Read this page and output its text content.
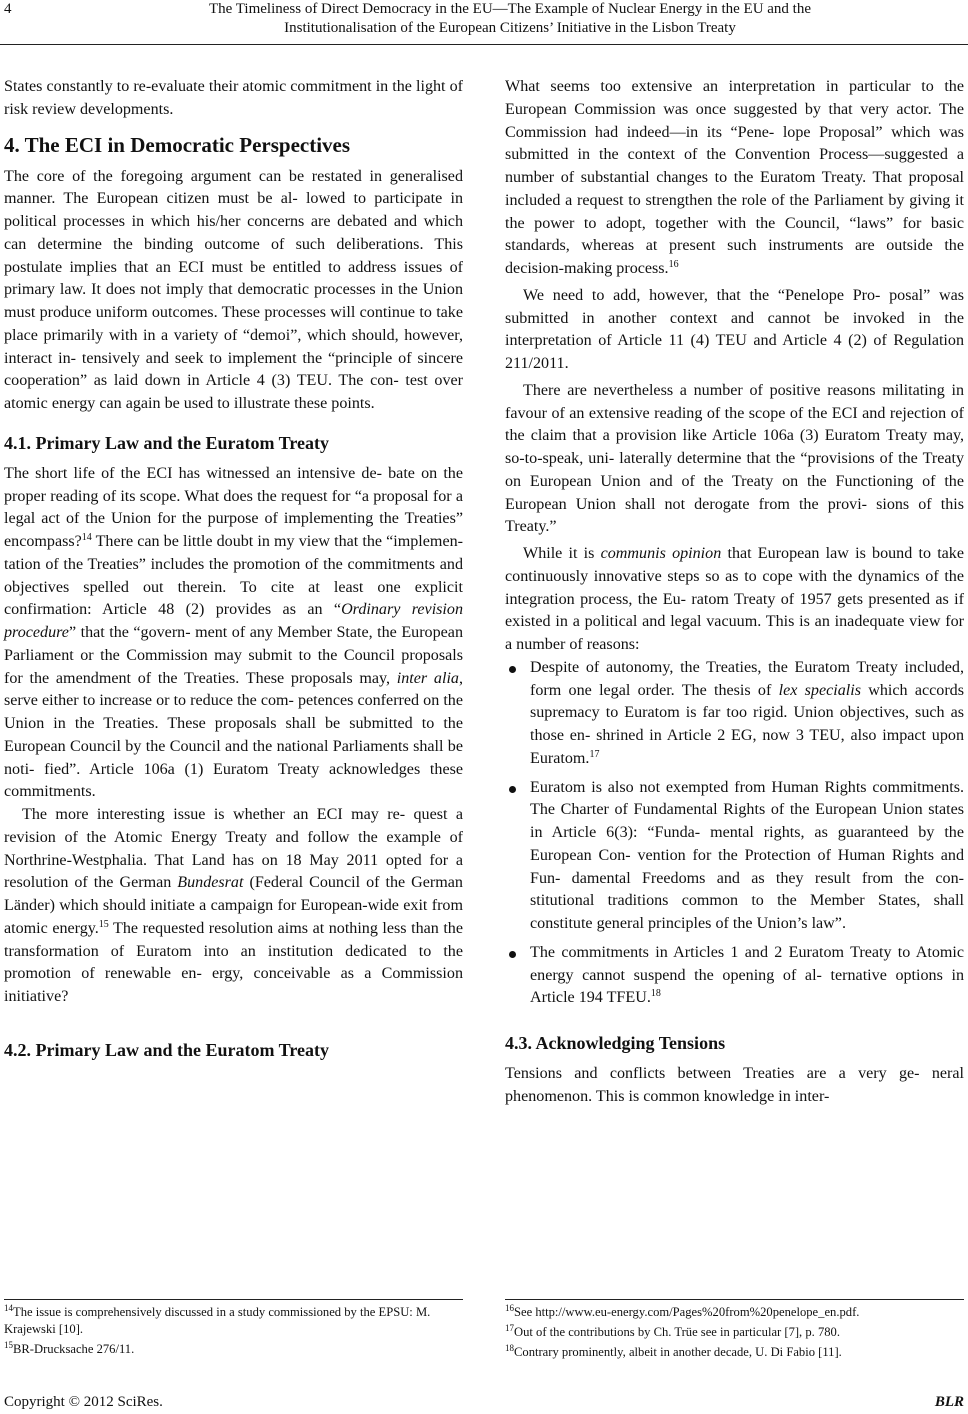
4	The Timeliness of Direct Democracy in the EU—The Example of Nuclear Energy in the EU and the
Institutionalisation of the European Citizens’ Initiative in the Lisbon Treaty

States constantly to re-evaluate their atomic commitment in the light of risk review developments.

4. The ECI in Democratic Perspectives

The core of the foregoing argument can be restated in generalised manner. The European citizen must be al- lowed to participate in political processes in which his/her concerns are debated and which can determine the binding outcome of such deliberations. This postulate implies that an ECI must be entitled to address issues of primary law. It does not imply that democratic processes in the Union must produce uniform outcomes. These processes will continue to take place primarily with in a variety of “demoi”, which should, however, interact in- tensively and seek to implement the “principle of sincere cooperation” as laid down in Article 4 (3) TEU. The con- test over atomic energy can again be used to illustrate these points.

4.1. Primary Law and the Euratom Treaty

The short life of the ECI has witnessed an intensive de- bate on the proper reading of its scope. What does the request for “a proposal for a legal act of the Union for the purpose of implementing the Treaties” encompass?$^{14}$ There can be little doubt in my view that the “implemen- tation of the Treaties” includes the promotion of the commitments and objectives spelled out therein. To cite at least one explicit confirmation: Article 48 (2) provides as an “Ordinary revision procedure” that the “govern- ment of any Member State, the European Parliament or the Commission may submit to the Council proposals for the amendment of the Treaties. These proposals may, inter alia, serve either to increase or to reduce the com- petences conferred on the Union in the Treaties. These proposals shall be submitted to the European Council by the Council and the national Parliaments shall be noti- fied”. Article 106a (1) Euratom Treaty acknowledges these commitments.

The more interesting issue is whether an ECI may re- quest a revision of the Atomic Energy Treaty and follow the example of Northrine-Westphalia. That Land has on 18 May 2011 opted for a resolution of the German Bundesrat (Federal Council of the German Länder) which should initiate a campaign for European-wide exit from atomic energy.$^{15}$ The requested resolution aims at nothing less than the transformation of Euratom into an institution dedicated to the promotion of renewable en- ergy, conceivable as a Commission initiative?

4.2. Primary Law and the Euratom Treaty

What seems too extensive an interpretation in particular to the European Commission was once suggested by that very actor. The Commission had indeed—in its “Pene- lope Proposal” which was submitted in the context of the Convention Process—suggested a number of substantial changes to the Euratom Treaty. That proposal included a request to strengthen the role of the Parliament by giving it the power to adopt, together with the Council, “laws” for basic standards, whereas at present such instruments are outside the decision-making process.$^{16}$

We need to add, however, that the “Penelope Pro- posal” was submitted in another context and cannot be invoked in the interpretation of Article 11 (4) TEU and Article 4 (2) of Regulation 211/2011.

There are nevertheless a number of positive reasons militating in favour of an extensive reading of the scope of the ECI and rejection of the claim that a provision like Article 106a (3) Euratom Treaty may, so-to-speak, uni- laterally determine that the “provisions of the Treaty on European Union and of the Treaty on the Functioning of the European Union shall not derogate from the provi- sions of this Treaty.”

While it is communis opinion that European law is bound to take continuously innovative steps so as to cope with the dynamics of the integration process, the Eu- ratom Treaty of 1957 gets presented as if existed in a political and legal vacuum. This is an inadequate view for a number of reasons:

Despite of autonomy, the Treaties, the Euratom Treaty included, form one legal order. The thesis of lex specialis which accords supremacy to Euratom is far too rigid. Union objectives, such as those en- shrined in Article 2 EG, now 3 TEU, also impact upon Euratom.$^{17}$
Euratom is also not exempted from Human Rights commitments. The Charter of Fundamental Rights of the European Union states in Article 6(3): “Funda- mental rights, as guaranteed by the European Con- vention for the Protection of Human Rights and Fun- damental Freedoms and as they result from the con- stitutional traditions common to the Member States, shall constitute general principles of the Union’s law”.
The commitments in Articles 1 and 2 Euratom Treaty to Atomic energy cannot suspend the opening of al- ternative options in Article 194 TFEU.$^{18}$
4.3. Acknowledging Tensions

Tensions and conflicts between Treaties are a very ge- neral phenomenon. This is common knowledge in inter-

$^{14}$The issue is comprehensively discussed in a study commissioned by the EPSU: M. Krajewski [10].

$^{15}$BR-Drucksache 276/11.

$^{16}$See http://www.eu-energy.com/Pages%20from%20penelope_en.pdf.

$^{17}$Out of the contributions by Ch. Trüe see in particular [7], p. 780.

$^{18}$Contrary prominently, albeit in another decade, U. Di Fabio [11].

Copyright © 2012 SciRes.	BLR
